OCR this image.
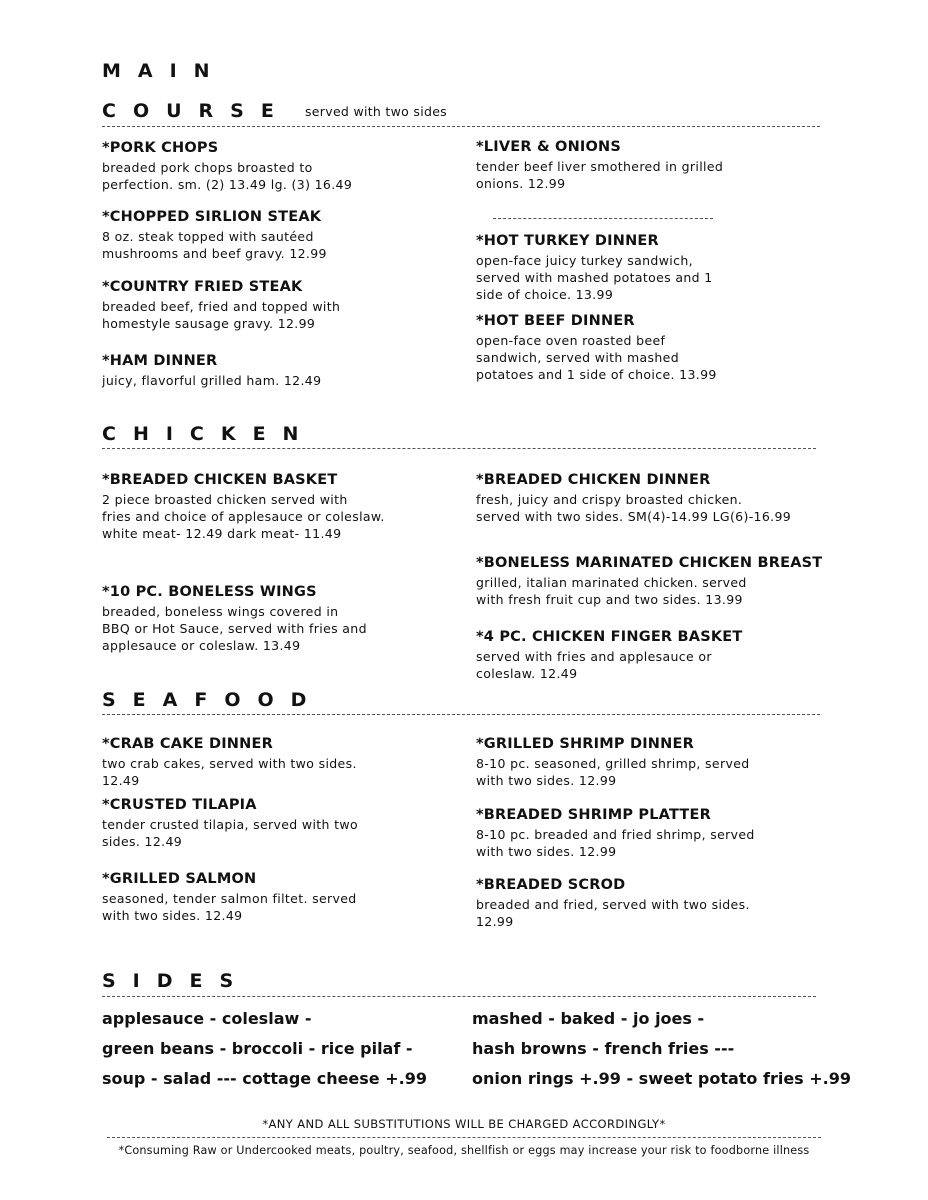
MAIN
COURSE served with two sides
*PORK CHOPS
breaded pork chops broasted to
perfection. sm. (2) 13.49 lg. (3) 16.49
*CHOPPED SIRLION STEAK
8 oz. steak topped with sautéed
mushrooms and beef gravy. 12.99
*COUNTRY FRIED STEAK
breaded beef, fried and topped with
homestyle sausage gravy. 12.99
*HAM DINNER
juicy, flavorful grilled ham. 12.49
*LIVER & ONIONS
tender beef liver smothered in grilled
onions. 12.99
*HOT TURKEY DINNER
open-face juicy turkey sandwich,
served with mashed potatoes and 1
side of choice. 13.99
*HOT BEEF DINNER
open-face oven roasted beef
sandwich, served with mashed
potatoes and 1 side of choice. 13.99
CHICKEN
*BREADED CHICKEN BASKET
2 piece broasted chicken served with
fries and choice of applesauce or coleslaw.
white meat- 12.49 dark meat- 11.49
*10 PC. BONELESS WINGS
breaded, boneless wings covered in
BBQ or Hot Sauce, served with fries and
applesauce or coleslaw. 13.49
*BREADED CHICKEN DINNER
fresh, juicy and crispy broasted chicken.
served with two sides. SM(4)-14.99 LG(6)-16.99
*BONELESS MARINATED CHICKEN BREAST
grilled, italian marinated chicken. served
with fresh fruit cup and two sides. 13.99
*4 PC. CHICKEN FINGER BASKET
served with fries and applesauce or
coleslaw. 12.49
SEAFOOD
*CRAB CAKE DINNER
two crab cakes, served with two sides.
12.49
*CRUSTED TILAPIA
tender crusted tilapia, served with two
sides. 12.49
*GRILLED SALMON
seasoned, tender salmon filtet. served
with two sides. 12.49
*GRILLED SHRIMP DINNER
8-10 pc. seasoned, grilled shrimp, served
with two sides. 12.99
*BREADED SHRIMP PLATTER
8-10 pc. breaded and fried shrimp, served
with two sides. 12.99
*BREADED SCROD
breaded and fried, served with two sides.
12.99
SIDES
applesauce - coleslaw -
green beans - broccoli - rice pilaf -
soup - salad --- cottage cheese +.99
mashed - baked - jo joes -
hash browns - french fries ---
onion rings +.99 - sweet potato fries +.99
*ANY AND ALL SUBSTITUTIONS WILL BE CHARGED ACCORDINGLY*
*Consuming Raw or Undercooked meats, poultry, seafood, shellfish or eggs may increase your risk to foodborne illness
